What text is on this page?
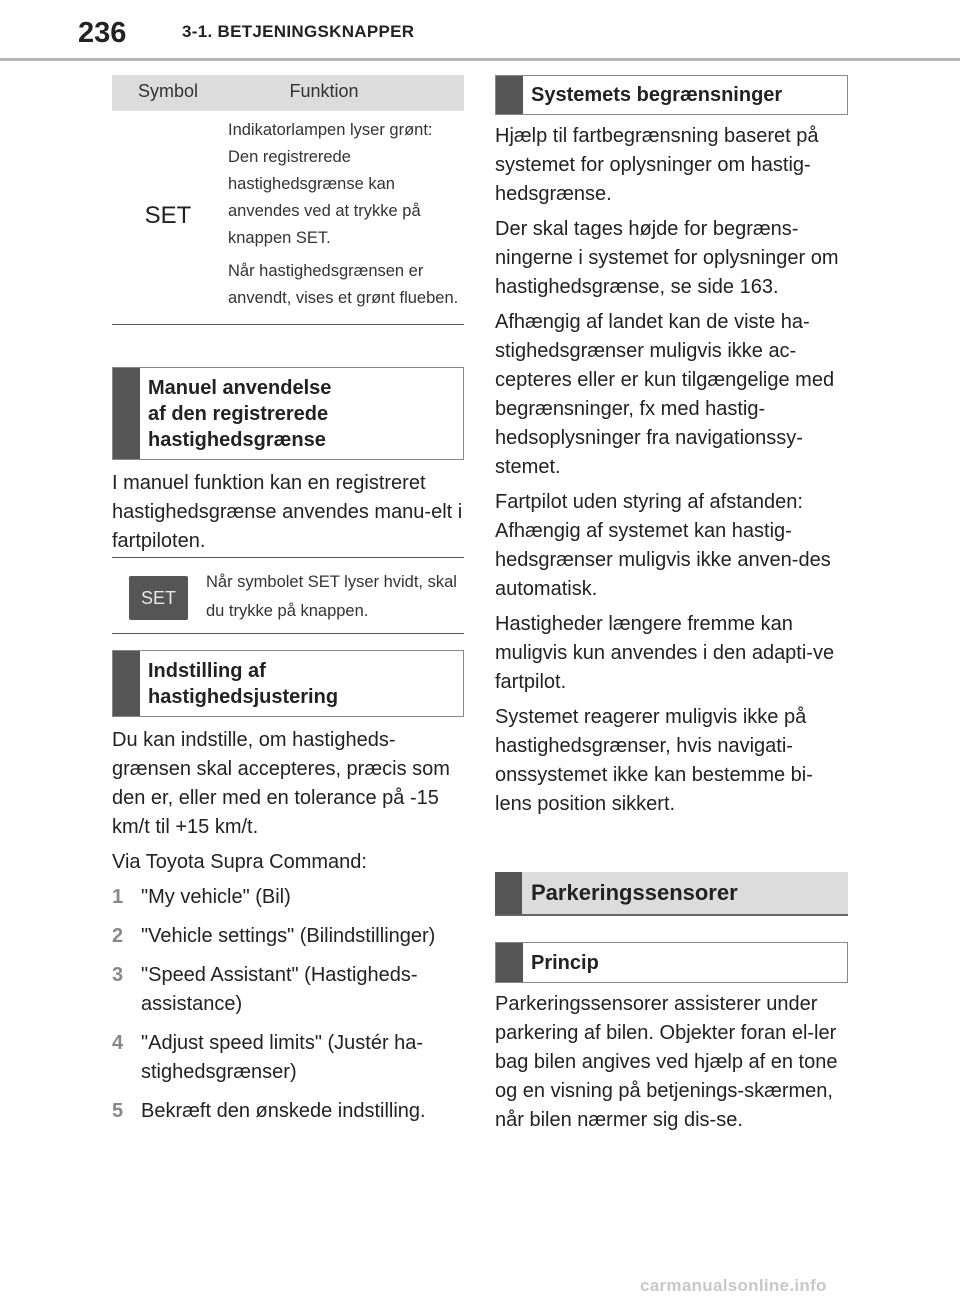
236	3-1. BETJENINGSKNAPPER
Symbol	Funktion
SET

Indikatorlampen lyser grønt: Den registrerede hastighedsgrænse kan anvendes ved at trykke på knappen SET.

Når hastighedsgrænsen er anvendt, vises et grønt flueben.

Manuel anvendelse
af den registrerede
hastighedsgrænse

I manuel funktion kan en registreret hastighedsgrænse anvendes manu-elt i fartpiloten.

SET
Når symbolet SET lyser hvidt, skal du trykke på knappen.
Indstilling af
hastighedsjustering

Du kan indstille, om hastigheds-grænsen skal accepteres, præcis som den er, eller med en tolerance på -15 km/t til +15 km/t.

Via Toyota Supra Command:

1 "My vehicle" (Bil)
2 "Vehicle settings" (Bilindstillinger)
3 "Speed Assistant" (Hastigheds-assistance)
4 "Adjust speed limits" (Justér ha-stighedsgrænser)
5 Bekræft den ønskede indstilling.
Systemets begrænsninger

Hjælp til fartbegrænsning baseret på systemet for oplysninger om hastig-hedsgrænse.

Der skal tages højde for begræns-ningerne i systemet for oplysninger om hastighedsgrænse, se side 163.

Afhængig af landet kan de viste ha-stighedsgrænser muligvis ikke ac-cepteres eller er kun tilgængelige med begrænsninger, fx med hastig-hedsoplysninger fra navigationssy-stemet.

Fartpilot uden styring af afstanden: Afhængig af systemet kan hastig-hedsgrænser muligvis ikke anven-des automatisk.

Hastigheder længere fremme kan muligvis kun anvendes i den adapti-ve fartpilot.

Systemet reagerer muligvis ikke på hastighedsgrænser, hvis navigati-onssystemet ikke kan bestemme bi-lens position sikkert.

Parkeringssensorer
Princip

Parkeringssensorer assisterer under parkering af bilen. Objekter foran el-ler bag bilen angives ved hjælp af en tone og en visning på betjenings-skærmen, når bilen nærmer sig dis-se.

carmanualsonline.info
